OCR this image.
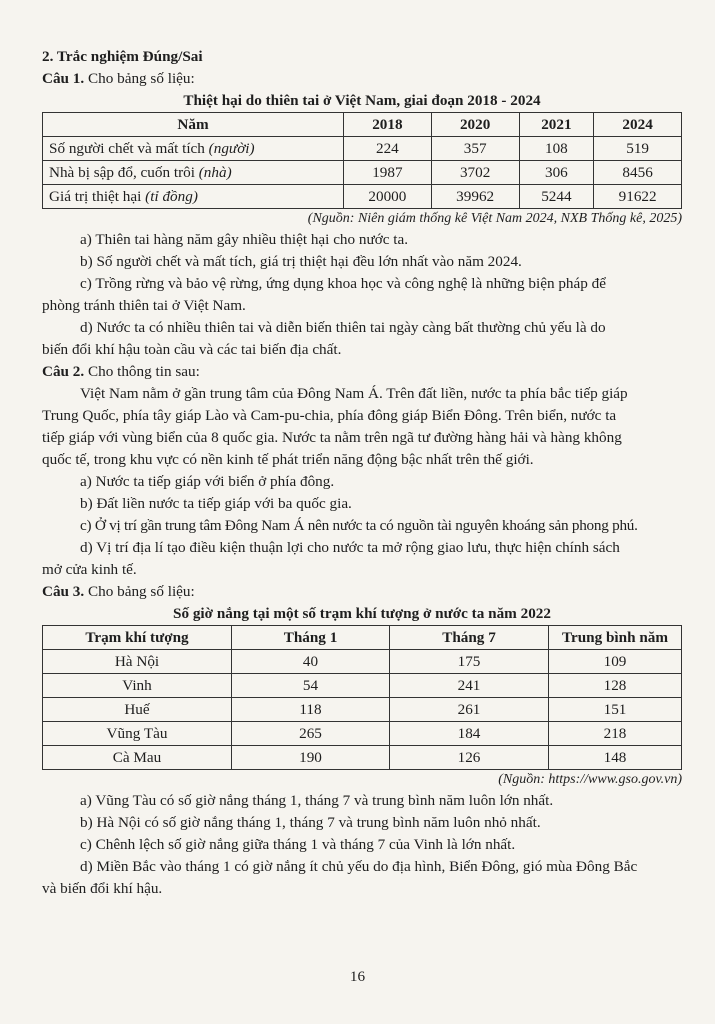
2. Trắc nghiệm Đúng/Sai

Câu 1. Cho bảng số liệu:

Thiệt hại do thiên tai ở Việt Nam, giai đoạn 2018 - 2024

Năm	2018	2020	2021	2024
Số người chết và mất tích (người)	224	357	108	519
Nhà bị sập đổ, cuốn trôi (nhà)	1987	3702	306	8456
Giá trị thiệt hại (tỉ đồng)	20000	39962	5244	91622

(Nguồn: Niên giám thống kê Việt Nam 2024, NXB Thống kê, 2025)

a) Thiên tai hàng năm gây nhiều thiệt hại cho nước ta.

b) Số người chết và mất tích, giá trị thiệt hại đều lớn nhất vào năm 2024.

c) Trồng rừng và bảo vệ rừng, ứng dụng khoa học và công nghệ là những biện pháp để

phòng tránh thiên tai ở Việt Nam.

d) Nước ta có nhiều thiên tai và diễn biến thiên tai ngày càng bất thường chủ yếu là do

biến đổi khí hậu toàn cầu và các tai biến địa chất.

Câu 2. Cho thông tin sau:

Việt Nam nằm ở gần trung tâm của Đông Nam Á. Trên đất liền, nước ta phía bắc tiếp giáp

Trung Quốc, phía tây giáp Lào và Cam-pu-chia, phía đông giáp Biển Đông. Trên biển, nước ta

tiếp giáp với vùng biển của 8 quốc gia. Nước ta nằm trên ngã tư đường hàng hải và hàng không

quốc tế, trong khu vực có nền kinh tế phát triển năng động bậc nhất trên thế giới.

a) Nước ta tiếp giáp với biển ở phía đông.

b) Đất liền nước ta tiếp giáp với ba quốc gia.

c) Ở vị trí gần trung tâm Đông Nam Á nên nước ta có nguồn tài nguyên khoáng sản phong phú.

d) Vị trí địa lí tạo điều kiện thuận lợi cho nước ta mở rộng giao lưu, thực hiện chính sách

mở cửa kinh tế.

Câu 3. Cho bảng số liệu:

Số giờ nắng tại một số trạm khí tượng ở nước ta năm 2022

Trạm khí tượng	Tháng 1	Tháng 7	Trung bình năm
Hà Nội	40	175	109
Vinh	54	241	128
Huế	118	261	151
Vũng Tàu	265	184	218
Cà Mau	190	126	148

(Nguồn: https://www.gso.gov.vn)

a) Vũng Tàu có số giờ nắng tháng 1, tháng 7 và trung bình năm luôn lớn nhất.

b) Hà Nội có số giờ nắng tháng 1, tháng 7 và trung bình năm luôn nhỏ nhất.

c) Chênh lệch số giờ nắng giữa tháng 1 và tháng 7 của Vinh là lớn nhất.

d) Miền Bắc vào tháng 1 có giờ nắng ít chủ yếu do địa hình, Biển Đông, gió mùa Đông Bắc

và biến đổi khí hậu.

16
